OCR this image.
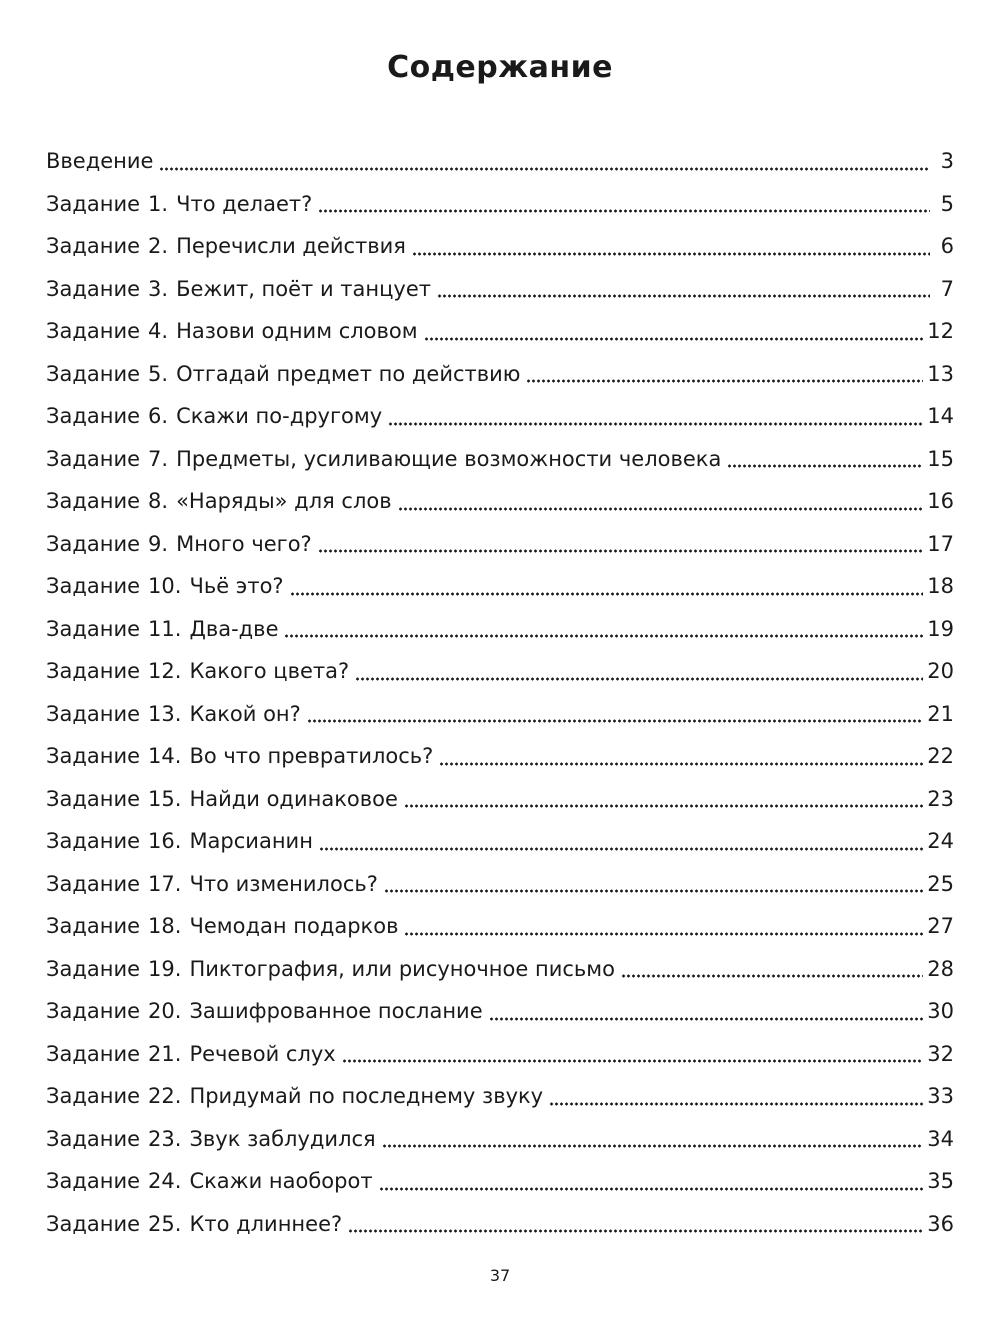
Содержание
Введение	3
Задание 1. Что делает?	5
Задание 2. Перечисли действия	6
Задание 3. Бежит, поёт и танцует	7
Задание 4. Назови одним словом	12
Задание 5. Отгадай предмет по действию	13
Задание 6. Скажи по-другому	14
Задание 7. Предметы, усиливающие возможности человека	15
Задание 8. «Наряды» для слов	16
Задание 9. Много чего?	17
Задание 10. Чьё это?	18
Задание 11. Два-две	19
Задание 12. Какого цвета?	20
Задание 13. Какой он?	21
Задание 14. Во что превратилось?	22
Задание 15. Найди одинаковое	23
Задание 16. Марсианин	24
Задание 17. Что изменилось?	25
Задание 18. Чемодан подарков	27
Задание 19. Пиктография, или рисуночное письмо	28
Задание 20. Зашифрованное послание	30
Задание 21. Речевой слух	32
Задание 22. Придумай по последнему звуку	33
Задание 23. Звук заблудился	34
Задание 24. Скажи наоборот	35
Задание 25. Кто длиннее?	36
37
